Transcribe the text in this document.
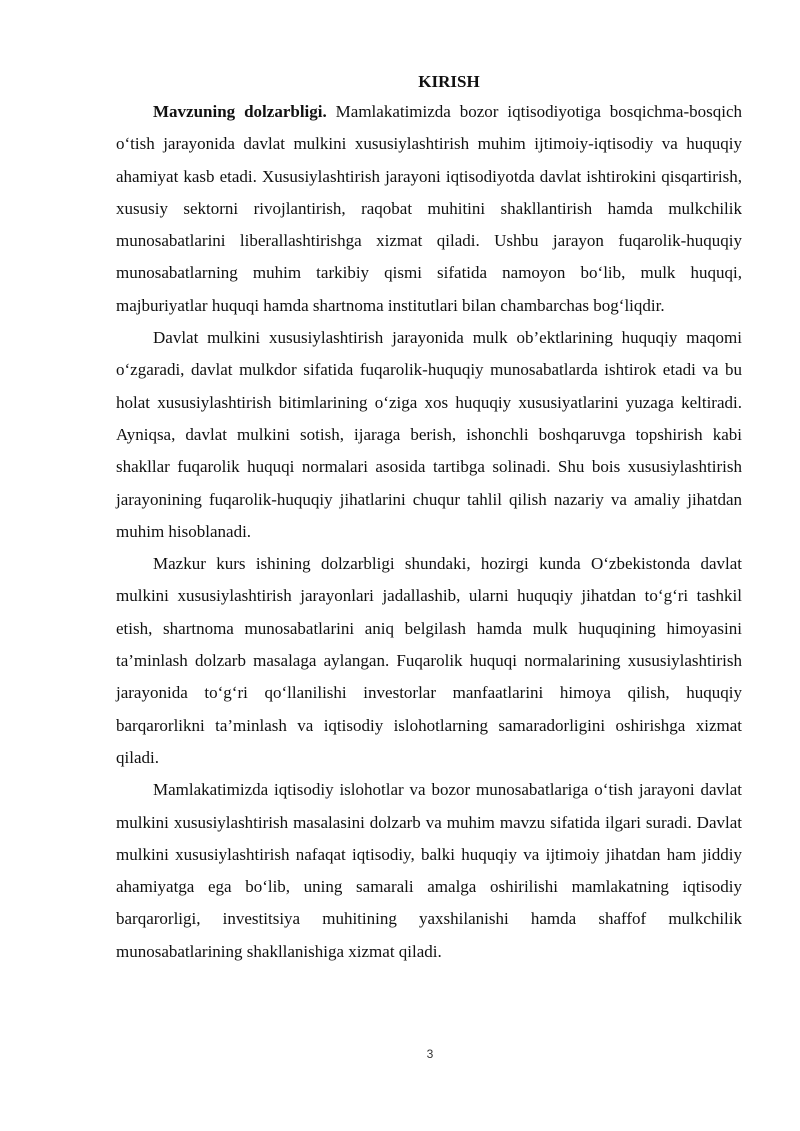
KIRISH

Mavzuning dolzarbligi. Mamlakatimizda bozor iqtisodiyotiga bosqichma-bosqich o‘tish jarayonida davlat mulkini xususiylashtirish muhim ijtimoiy-iqtisodiy va huquqiy ahamiyat kasb etadi. Xususiylashtirish jarayoni iqtisodiyotda davlat ishtirokini qisqartirish, xususiy sektorni rivojlantirish, raqobat muhitini shakllantirish hamda mulkchilik munosabatlarini liberallashtirishga xizmat qiladi. Ushbu jarayon fuqarolik-huquqiy munosabatlarning muhim tarkibiy qismi sifatida namoyon bo‘lib, mulk huquqi, majburiyatlar huquqi hamda shartnoma institutlari bilan chambarchas bog‘liqdir.

Davlat mulkini xususiylashtirish jarayonida mulk ob’ektlarining huquqiy maqomi o‘zgaradi, davlat mulkdor sifatida fuqarolik-huquqiy munosabatlarda ishtirok etadi va bu holat xususiylashtirish bitimlarining o‘ziga xos huquqiy xususiyatlarini yuzaga keltiradi. Ayniqsa, davlat mulkini sotish, ijaraga berish, ishonchli boshqaruvga topshirish kabi shakllar fuqarolik huquqi normalari asosida tartibga solinadi. Shu bois xususiylashtirish jarayonining fuqarolik-huquqiy jihatlarini chuqur tahlil qilish nazariy va amaliy jihatdan muhim hisoblanadi.

Mazkur kurs ishining dolzarbligi shundaki, hozirgi kunda O‘zbekistonda davlat mulkini xususiylashtirish jarayonlari jadallashib, ularni huquqiy jihatdan to‘g‘ri tashkil etish, shartnoma munosabatlarini aniq belgilash hamda mulk huquqining himoyasini ta’minlash dolzarb masalaga aylangan. Fuqarolik huquqi normalarining xususiylashtirish jarayonida to‘g‘ri qo‘llanilishi investorlar manfaatlarini himoya qilish, huquqiy barqarorlikni ta’minlash va iqtisodiy islohotlarning samaradorligini oshirishga xizmat qiladi.

Mamlakatimizda iqtisodiy islohotlar va bozor munosabatlariga o‘tish jarayoni davlat mulkini xususiylashtirish masalasini dolzarb va muhim mavzu sifatida ilgari suradi. Davlat mulkini xususiylashtirish nafaqat iqtisodiy, balki huquqiy va ijtimoiy jihatdan ham jiddiy ahamiyatga ega bo‘lib, uning samarali amalga oshirilishi mamlakatning iqtisodiy barqarorligi, investitsiya muhitining yaxshilanishi hamda shaffof mulkchilik munosabatlarining shakllanishiga xizmat qiladi.

3
